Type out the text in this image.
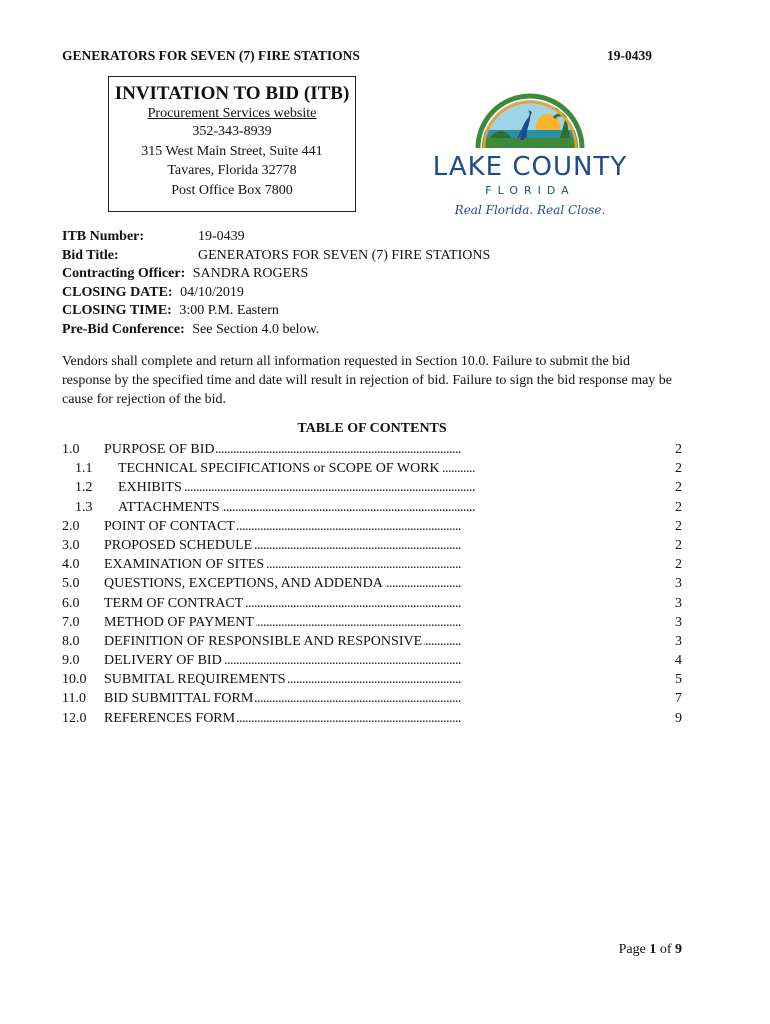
GENERATORS FOR SEVEN (7) FIRE STATIONS	19-0439
INVITATION TO BID (ITB)
Procurement Services website
352-343-8939
315 West Main Street, Suite 441
Tavares, Florida 32778
Post Office Box 7800
LAKE COUNTY
FLORIDA
Real Florida. Real Close.
ITB Number:	19-0439
Bid Title:	GENERATORS FOR SEVEN (7) FIRE STATIONS
Contracting Officer: SANDRA ROGERS
CLOSING DATE: 04/10/2019
CLOSING TIME: 3:00 P.M. Eastern
Pre-Bid Conference: See Section 4.0 below.
Vendors shall complete and return all information requested in Section 10.0. Failure to submit the bid response by the specified time and date will result in rejection of bid. Failure to sign the bid response may be cause for rejection of the bid.
TABLE OF CONTENTS
1.0 PURPOSE OF BID . . .	2
1.1 TECHNICAL SPECIFICATIONS or SCOPE OF WORK . . .	2
1.2 EXHIBITS . . .	2
1.3 ATTACHMENTS . . .	2
2.0 POINT OF CONTACT . . .	2
3.0 PROPOSED SCHEDULE . . .	2
4.0 EXAMINATION OF SITES . . .	2
5.0 QUESTIONS, EXCEPTIONS, AND ADDENDA . . .	3
6.0 TERM OF CONTRACT . . .	3
7.0 METHOD OF PAYMENT . . .	3
8.0 DEFINITION OF RESPONSIBLE AND RESPONSIVE . . .	3
9.0 DELIVERY OF BID . . .	4
10.0 SUBMITAL REQUIREMENTS . . .	5
11.0 BID SUBMITTAL FORM . . .	7
12.0 REFERENCES FORM . . .	9
Page 1 of 9
